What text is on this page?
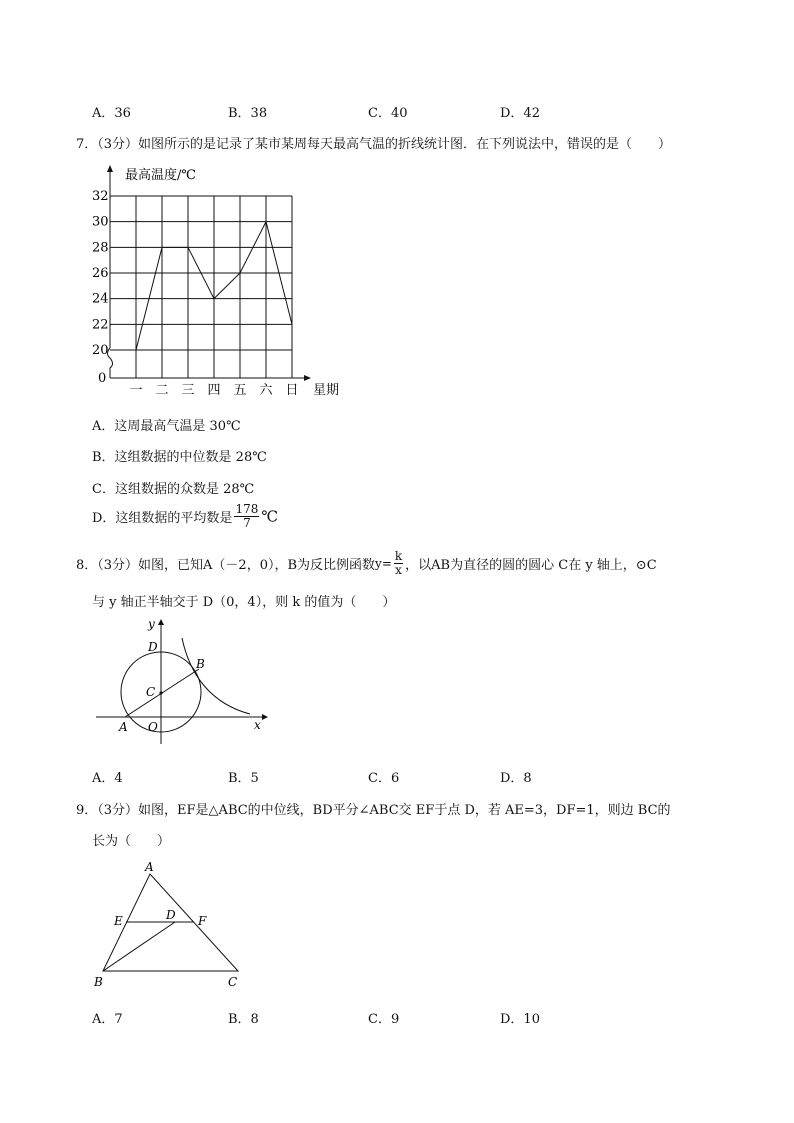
A．36	B．38	C．40	D．42
7．（3分）如图所示的是记录了某市某周每天最高气温的折线统计图．在下列说法中，错误的是（　　）
最高温度/℃
32
30
28
26
24
22
20
0
一 二 三 四 五 六 日 星期
A．这周最高气温是 30℃
B．这组数据的中位数是 28℃
C．这组数据的众数是 28℃
D．这组数据的平均数是 $\frac{178}{7}$ ℃
8．（3分）如图，已知A（－2，0），B为反比例函数$y= \frac{k}{x}$ ，以AB为直径的圆的圆心 C在 y 轴上，⊙C
与 y 轴正半轴交于 D（0，4），则 k 的值为（　　）
y
x
D
B
C
A O
A．4	B．5	C．6	D．8
9．（3分）如图，EF是△ABC的中位线，BD平分∠ABC交 EF于点 D，若 AE=3，DF=1，则边 BC的
长为（　　）
A
E	D F
B	C
A．7	B．8	C．9	D．10
